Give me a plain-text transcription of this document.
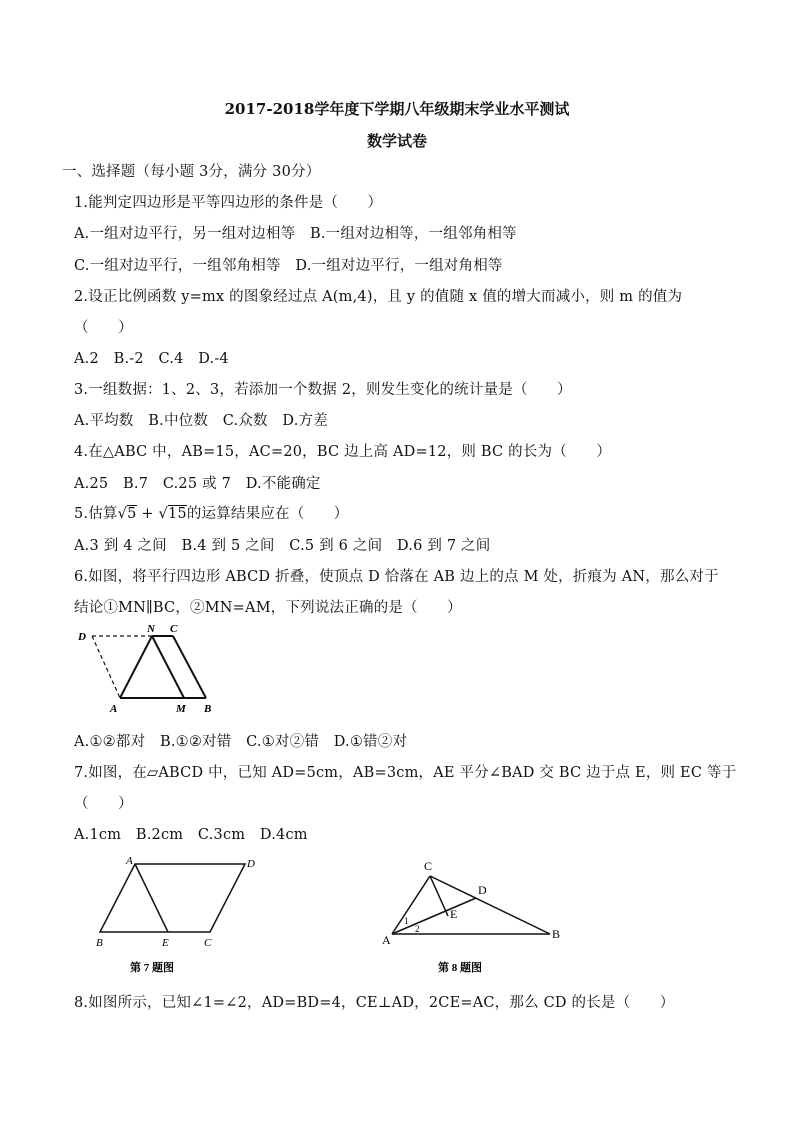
2017-2018学年度下学期八年级期末学业水平测试
数学试卷
一、选择题（每小题 3分，满分 30分）
1.能判定四边形是平等四边形的条件是（　　）
A.一组对边平行，另一组对边相等　B.一组对边相等，一组邻角相等
C.一组对边平行，一组邻角相等　D.一组对边平行，一组对角相等
2.设正比例函数 y=mx 的图象经过点 A(m,4)，且 y 的值随 x 值的增大而减小，则 m 的值为
（　　）
A.2　B.-2　C.4　D.-4
3.一组数据：1、2、3，若添加一个数据 2，则发生变化的统计量是（　　）
A.平均数　B.中位数　C.众数　D.方差
4.在△ABC 中，AB=15，AC=20，BC 边上高 AD=12，则 BC 的长为（　　）
A.25　B.7　C.25 或 7　D.不能确定
5.估算√5 + √15的运算结果应在（　　）
A.3 到 4 之间　B.4 到 5 之间　C.5 到 6 之间　D.6 到 7 之间
6.如图，将平行四边形 ABCD 折叠，使顶点 D 恰落在 AB 边上的点 M 处，折痕为 AN，那么对于
结论①MN∥BC，②MN=AM，下列说法正确的是（　　）
D
N C
A	M B
A.①②都对　B.①②对错　C.①对②错　D.①错②对
7.如图，在▱ABCD 中，已知 AD=5cm，AB=3cm，AE 平分∠BAD 交 BC 边于点 E，则 EC 等于
（　　）
A.1cm　B.2cm　C.3cm　D.4cm
A	D
B	E	C
第 7 题图
C
D
E
A	B
1
2
第 8 题图
8.如图所示，已知∠1=∠2，AD=BD=4，CE⊥AD，2CE=AC，那么 CD 的长是（　　）
